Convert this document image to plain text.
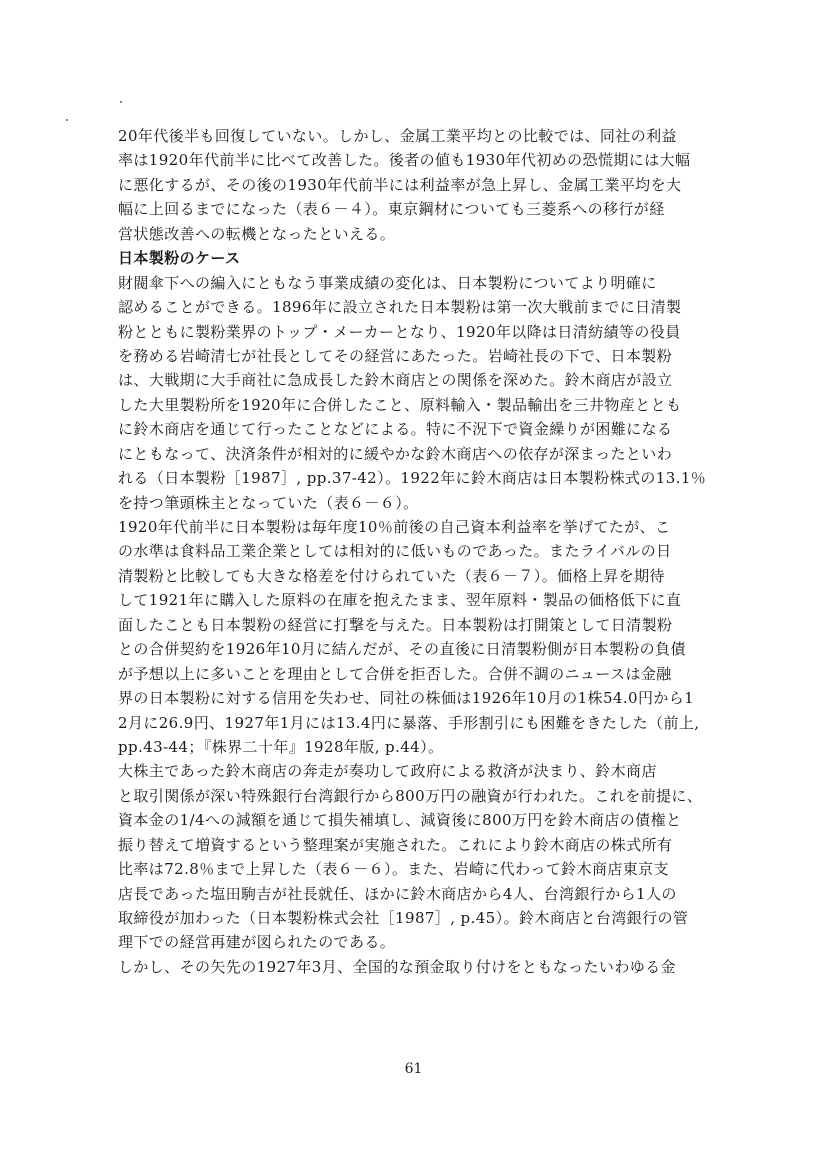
20年代後半も回復していない。しかし、金属工業平均との比較では、同社の利益
率は1920年代前半に比べて改善した。後者の値も1930年代初めの恐慌期には大幅
に悪化するが、その後の1930年代前半には利益率が急上昇し、金属工業平均を大
幅に上回るまでになった（表６－４）。東京鋼材についても三菱系への移行が経
営状態改善への転機となったといえる。
日本製粉のケース
財閥傘下への編入にともなう事業成績の変化は、日本製粉についてより明確に
認めることができる。1896年に設立された日本製粉は第一次大戦前までに日清製
粉とともに製粉業界のトップ・メーカーとなり、1920年以降は日清紡績等の役員
を務める岩崎清七が社長としてその経営にあたった。岩崎社長の下で、日本製粉
は、大戦期に大手商社に急成長した鈴木商店との関係を深めた。鈴木商店が設立
した大里製粉所を1920年に合併したこと、原料輸入・製品輸出を三井物産ととも
に鈴木商店を通じて行ったことなどによる。特に不況下で資金繰りが困難になる
にともなって、決済条件が相対的に緩やかな鈴木商店への依存が深まったといわ
れる（日本製粉［1987］, pp.37-42）。1922年に鈴木商店は日本製粉株式の13.1％
を持つ筆頭株主となっていた（表６－６）。
1920年代前半に日本製粉は毎年度10％前後の自己資本利益率を挙げてたが、こ
の水準は食料品工業企業としては相対的に低いものであった。またライバルの日
清製粉と比較しても大きな格差を付けられていた（表６－７）。価格上昇を期待
して1921年に購入した原料の在庫を抱えたまま、翌年原料・製品の価格低下に直
面したことも日本製粉の経営に打撃を与えた。日本製粉は打開策として日清製粉
との合併契約を1926年10月に結んだが、その直後に日清製粉側が日本製粉の負債
が予想以上に多いことを理由として合併を拒否した。合併不調のニュースは金融
界の日本製粉に対する信用を失わせ、同社の株価は1926年10月の1株54.0円から1
2月に26.9円、1927年1月には13.4円に暴落、手形割引にも困難をきたした（前上,
pp.43-44；『株界二十年』1928年版, p.44）。
大株主であった鈴木商店の奔走が奏功して政府による救済が決まり、鈴木商店
と取引関係が深い特殊銀行台湾銀行から800万円の融資が行われた。これを前提に、
資本金の1/4への減額を通じて損失補填し、減資後に800万円を鈴木商店の債権と
振り替えて増資するという整理案が実施された。これにより鈴木商店の株式所有
比率は72.8％まで上昇した（表６－６）。また、岩崎に代わって鈴木商店東京支
店長であった塩田駒吉が社長就任、ほかに鈴木商店から4人、台湾銀行から1人の
取締役が加わった（日本製粉株式会社［1987］, p.45）。鈴木商店と台湾銀行の管
理下での経営再建が図られたのである。
しかし、その矢先の1927年3月、全国的な預金取り付けをともなったいわゆる金
61
